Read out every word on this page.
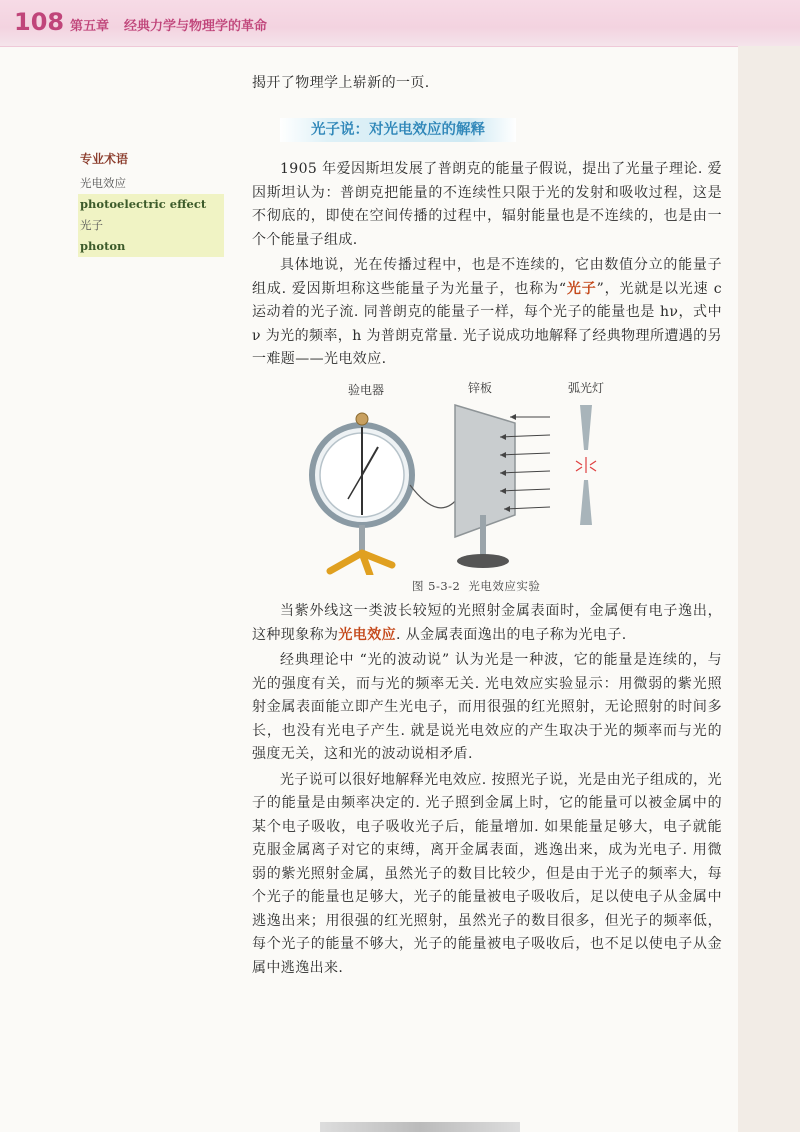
108 第五章 经典力学与物理学的革命
揭开了物理学上崭新的一页.
光子说：对光电效应的解释
专业术语
光电效应
photoelectric effect
光子
photon

1905 年爱因斯坦发展了普朗克的能量子假说，提出了光量子理论. 爱因斯坦认为：普朗克把能量的不连续性只限于光的发射和吸收过程，这是不彻底的，即使在空间传播的过程中，辐射能量也是不连续的，也是由一个个能量子组成.

具体地说，光在传播过程中，也是不连续的，它由数值分立的能量子组成. 爱因斯坦称这些能量子为光量子，也称为“光子”，光就是以光速 c 运动着的光子流. 同普朗克的能量子一样，每个光子的能量也是 hν，式中 ν 为光的频率，h 为普朗克常量. 光子说成功地解释了经典物理所遭遇的另一难题——光电效应.

验电器	锌板	弧光灯
图 5-3-2 光电效应实验

当紫外线这一类波长较短的光照射金属表面时，金属便有电子逸出，这种现象称为光电效应. 从金属表面逸出的电子称为光电子.

经典理论中 “光的波动说” 认为光是一种波，它的能量是连续的，与光的强度有关，而与光的频率无关. 光电效应实验显示：用微弱的紫光照射金属表面能立即产生光电子，而用很强的红光照射，无论照射的时间多长，也没有光电子产生. 就是说光电效应的产生取决于光的频率而与光的强度无关，这和光的波动说相矛盾.

光子说可以很好地解释光电效应. 按照光子说，光是由光子组成的，光子的能量是由频率决定的. 光子照到金属上时，它的能量可以被金属中的某个电子吸收，电子吸收光子后，能量增加. 如果能量足够大，电子就能克服金属离子对它的束缚，离开金属表面，逃逸出来，成为光电子. 用微弱的紫光照射金属，虽然光子的数目比较少，但是由于光子的频率大，每个光子的能量也足够大，光子的能量被电子吸收后，足以使电子从金属中逃逸出来；用很强的红光照射，虽然光子的数目很多，但光子的频率低，每个光子的能量不够大，光子的能量被电子吸收后，也不足以使电子从金属中逃逸出来.
